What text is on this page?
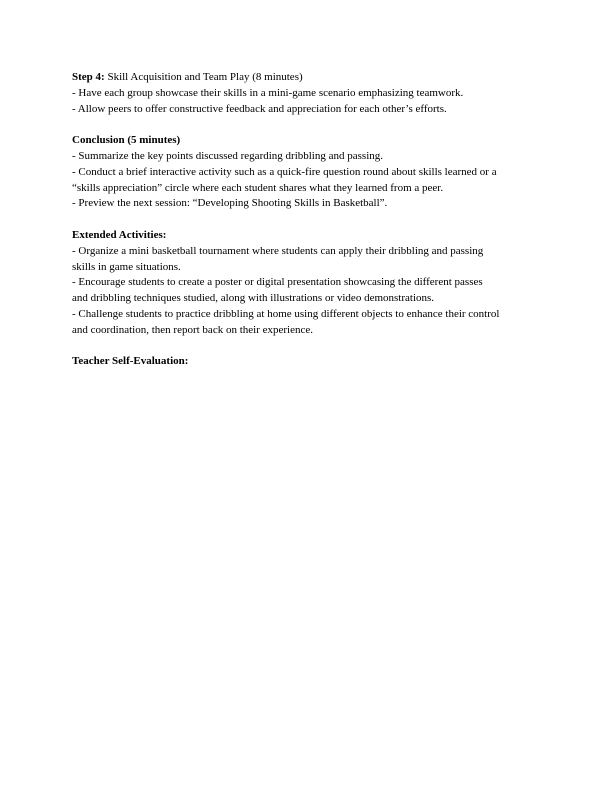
Step 4: Skill Acquisition and Team Play (8 minutes)
- Have each group showcase their skills in a mini-game scenario emphasizing teamwork.
- Allow peers to offer constructive feedback and appreciation for each other’s efforts.
Conclusion (5 minutes)
- Summarize the key points discussed regarding dribbling and passing.
- Conduct a brief interactive activity such as a quick-fire question round about skills learned or a
“skills appreciation” circle where each student shares what they learned from a peer.
- Preview the next session: “Developing Shooting Skills in Basketball”.
Extended Activities:
- Organize a mini basketball tournament where students can apply their dribbling and passing
skills in game situations.
- Encourage students to create a poster or digital presentation showcasing the different passes
and dribbling techniques studied, along with illustrations or video demonstrations.
- Challenge students to practice dribbling at home using different objects to enhance their control
and coordination, then report back on their experience.
Teacher Self-Evaluation:
